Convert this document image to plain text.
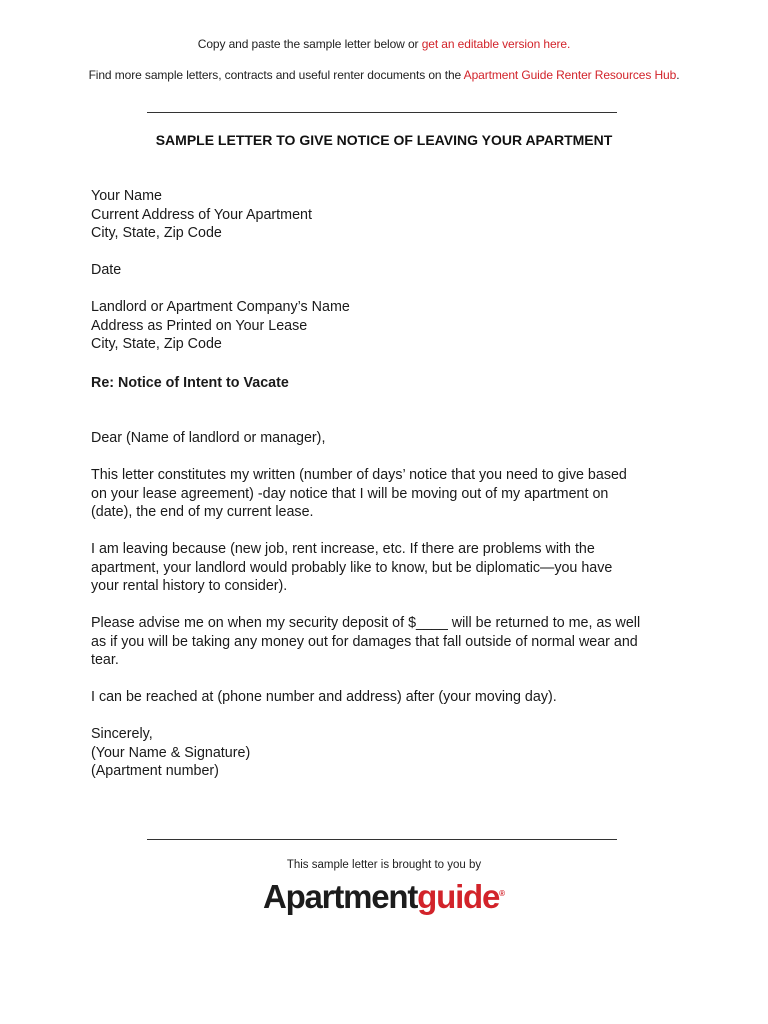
Copy and paste the sample letter below or get an editable version here.
Find more sample letters, contracts and useful renter documents on the Apartment Guide Renter Resources Hub.
SAMPLE LETTER TO GIVE NOTICE OF LEAVING YOUR APARTMENT
Your Name
Current Address of Your Apartment
City, State, Zip Code
Date
Landlord or Apartment Company’s Name
Address as Printed on Your Lease
City, State, Zip Code
Re: Notice of Intent to Vacate
Dear (Name of landlord or manager),
This letter constitutes my written (number of days’ notice that you need to give based
on your lease agreement) -day notice that I will be moving out of my apartment on
(date), the end of my current lease.
I am leaving because (new job, rent increase, etc. If there are problems with the
apartment, your landlord would probably like to know, but be diplomatic—you have
your rental history to consider).
Please advise me on when my security deposit of $____ will be returned to me, as well
as if you will be taking any money out for damages that fall outside of normal wear and
tear.
I can be reached at (phone number and address) after (your moving day).
Sincerely,
(Your Name & Signature)
(Apartment number)
This sample letter is brought to you by
Apartmentguide®
